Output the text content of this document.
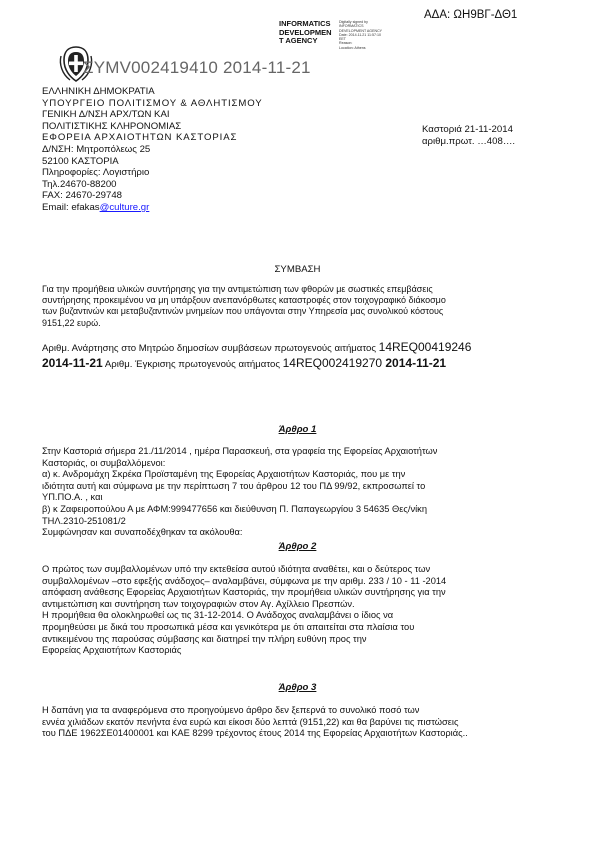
ΑΔΑ: ΩΗ9ΒΓ-ΔΘ1
INFORMATICS
DEVELOPMEN
T AGENCY
Digitally signed by
INFORMATICS
DEVELOPMENT AGENCY
Date: 2014.11.21 11:57:10
EET
Reason:
Location: Athens
ΣΥΜV002419410 2014-11-21
ΕΛΛΗΝΙΚΗ ΔΗΜΟΚΡΑΤΙΑ
ΥΠΟΥΡΓΕΙΟ ΠΟΛΙΤΙΣΜΟΥ & ΑΘΛΗΤΙΣΜΟΥ
ΓΕΝΙΚΗ Δ/ΝΣΗ ΑΡΧ/ΤΩΝ ΚΑΙ
ΠΟΛΙΤΙΣΤΙΚΗΣ ΚΛΗΡΟΝΟΜΙΑΣ
ΕΦΟΡΕΙΑ ΑΡΧΑΙΟΤΗΤΩΝ ΚΑΣΤΟΡΙΑΣ
Δ/ΝΣΗ: Μητροπόλεως 25
52100 ΚΑΣΤΟΡΙΑ
Πληροφορίες: Λογιστήριο
Τηλ.24670-88200
FAX: 24670-29748
Email: efakas@culture.gr
Καστοριά 21-11-2014
αριθμ.πρωτ. …408….
ΣΥΜΒΑΣΗ
Για την προμήθεια υλικών συντήρησης για την αντιμετώπιση των φθορών με σωστικές επεμβάσεις
συντήρησης προκειμένου να μη υπάρξουν ανεπανόρθωτες καταστροφές στον τοιχογραφικό διάκοσμο
των βυζαντινών και μεταβυζαντινών μνημείων που υπάγονται στην Υπηρεσία μας συνολικού κόστους
9151,22 ευρώ.
Αριθμ. Ανάρτησης στο Μητρώο δημοσίων συμβάσεων πρωτογενούς αιτήματος 14REQ00419246
2014-11-21 Αριθμ. Έγκρισης πρωτογενούς αιτήματος 14REQ002419270 2014-11-21
Άρθρο 1
Στην Καστοριά σήμερα 21./11/2014 , ημέρα Παρασκευή, στα γραφεία της Εφορείας Αρχαιοτήτων
Καστοριάς, οι συμβαλλόμενοι:
α) κ. Ανδρομάχη Σκρέκα Προϊσταμένη της Εφορείας Αρχαιοτήτων Καστοριάς, που με την
ιδιότητα αυτή και σύμφωνα με την περίπτωση 7 του άρθρου 12 του ΠΔ 99/92, εκπροσωπεί το
ΥΠ.ΠΟ.Α. , και
β) κ Ζαφειροπούλου Α με ΑΦΜ:999477656 και διεύθυνση Π. Παπαγεωργίου 3 54635 Θες/νίκη
ΤΗΛ.2310-251081/2
Συμφώνησαν και συναποδέχθηκαν τα ακόλουθα:
Άρθρο 2
Ο πρώτος των συμβαλλομένων υπό την εκτεθείσα αυτού ιδιότητα αναθέτει, και ο δεύτερος των
συμβαλλομένων –στο εφεξής ανάδοχος– αναλαμβάνει, σύμφωνα με την αριθμ. 233 / 10 - 11 -2014
απόφαση ανάθεσης Εφορείας Αρχαιοτήτων Καστοριάς, την προμήθεια υλικών συντήρησης για την
αντιμετώπιση και συντήρηση των τοιχογραφιών στον Αγ. Αχίλλειο Πρεσπών.
Η προμήθεια θα ολοκληρωθεί ως τις 31-12-2014. Ο Ανάδοχος αναλαμβάνει ο ίδιος να
προμηθεύσει με δικά του προσωπικά μέσα και γενικότερα με ότι απαιτείται στα πλαίσια του
αντικειμένου της παρούσας σύμβασης και διατηρεί την πλήρη ευθύνη προς την
Εφορείας Αρχαιοτήτων Καστοριάς
Άρθρο 3
Η δαπάνη για τα αναφερόμενα στο προηγούμενο άρθρο δεν ξεπερνά το συνολικό ποσό των
εννέα χιλιάδων εκατόν πενήντα ένα ευρώ και είκοσι δύο λεπτά (9151,22) και θα βαρύνει τις πιστώσεις
του ΠΔΕ 1962ΣΕ01400001 και ΚΑΕ 8299 τρέχοντος έτους 2014 της Εφορείας Αρχαιοτήτων Καστοριάς..
